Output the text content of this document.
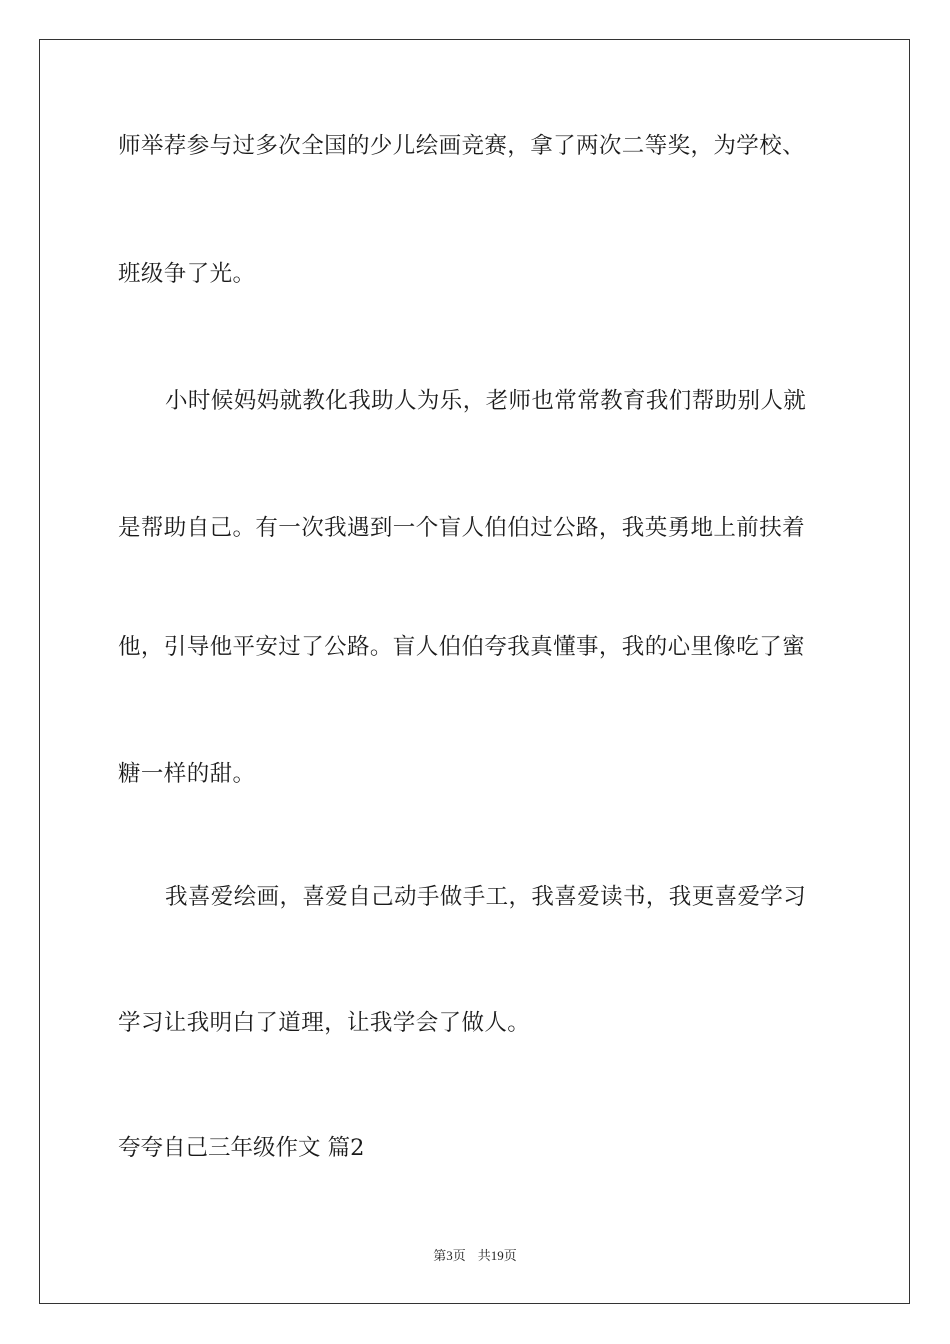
师举荐参与过多次全国的少儿绘画竞赛，拿了两次二等奖，为学校、
班级争了光。
小时候妈妈就教化我助人为乐，老师也常常教育我们帮助别人就
是帮助自己。有一次我遇到一个盲人伯伯过公路，我英勇地上前扶着
他，引导他平安过了公路。盲人伯伯夸我真懂事，我的心里像吃了蜜
糖一样的甜。
我喜爱绘画，喜爱自己动手做手工，我喜爱读书，我更喜爱学习
学习让我明白了道理，让我学会了做人。
夸夸自己三年级作文 篇2
第3页 共19页
